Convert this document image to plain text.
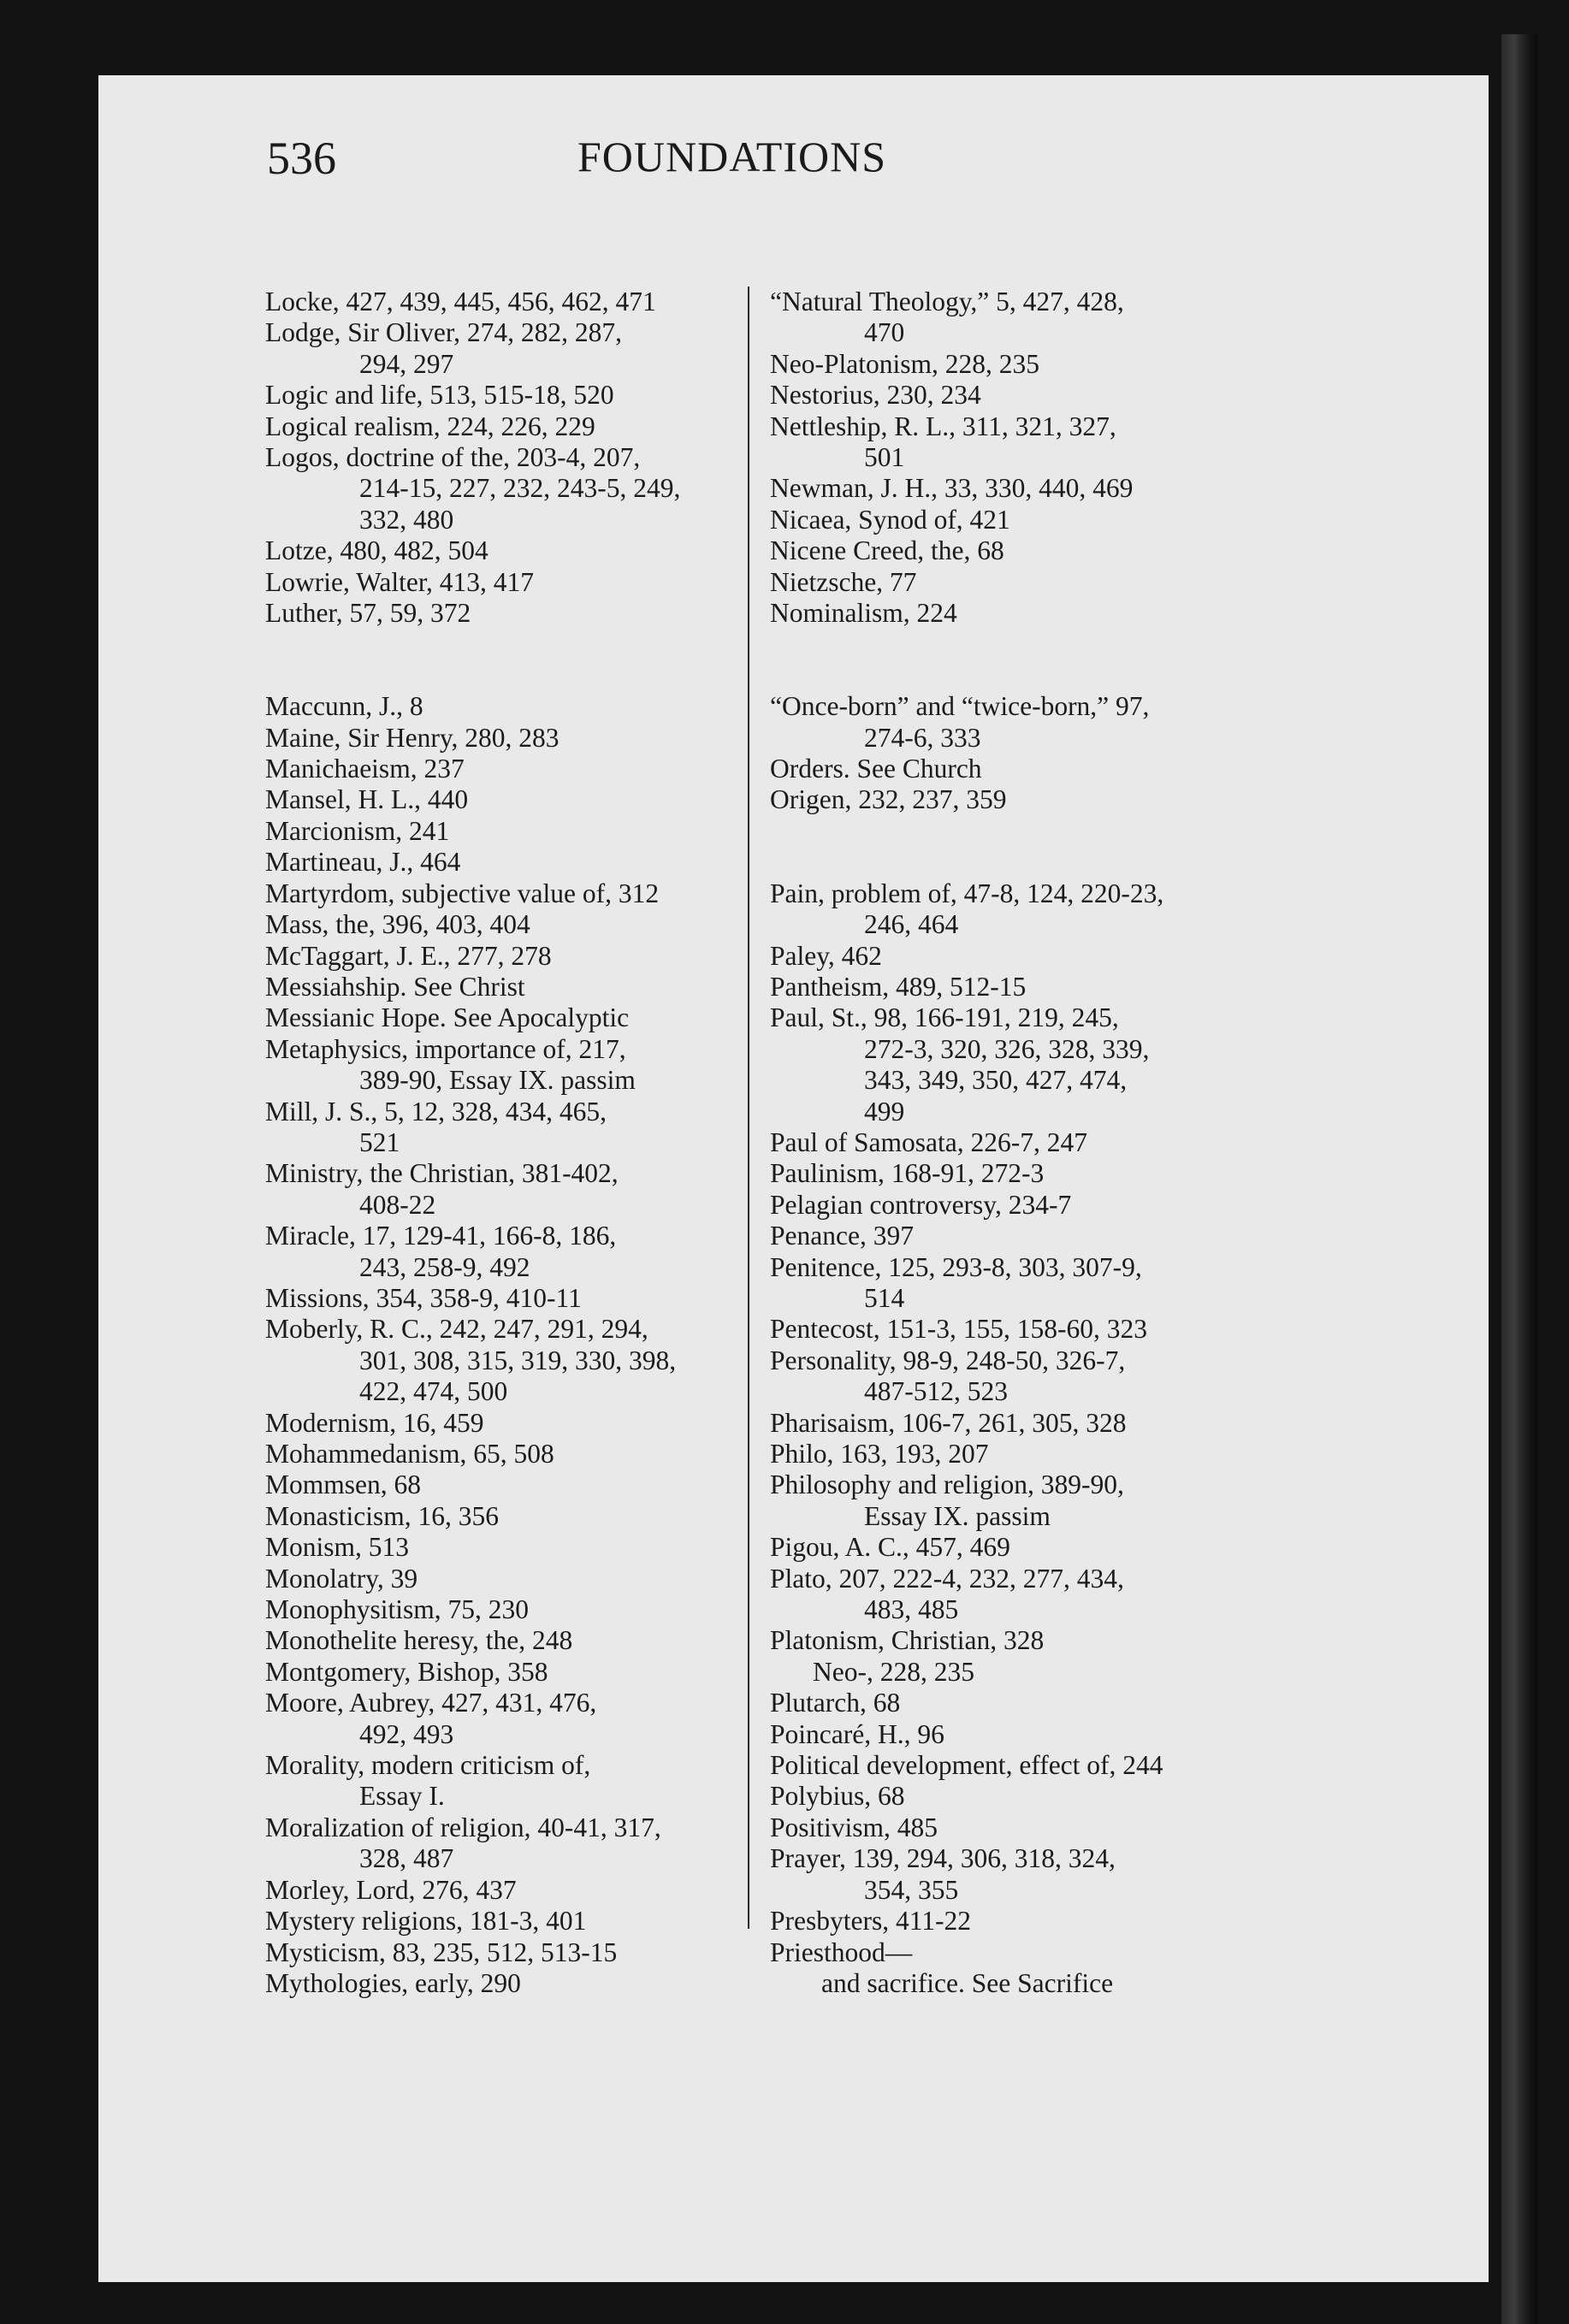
536	FOUNDATIONS

Locke, 427, 439, 445, 456, 462, 471

Lodge, Sir Oliver, 274, 282, 287,
294, 297

Logic and life, 513, 515-18, 520

Logical realism, 224, 226, 229

Logos, doctrine of the, 203-4, 207,
214-15, 227, 232, 243-5, 249,
332, 480

Lotze, 480, 482, 504

Lowrie, Walter, 413, 417

Luther, 57, 59, 372

Maccunn, J., 8

Maine, Sir Henry, 280, 283

Manichaeism, 237

Mansel, H. L., 440

Marcionism, 241

Martineau, J., 464

Martyrdom, subjective value of, 312

Mass, the, 396, 403, 404

McTaggart, J. E., 277, 278

Messiahship. See Christ

Messianic Hope. See Apocalyptic

Metaphysics, importance of, 217,
389-90, Essay IX. passim

Mill, J. S., 5, 12, 328, 434, 465,
521

Ministry, the Christian, 381-402,
408-22

Miracle, 17, 129-41, 166-8, 186,
243, 258-9, 492

Missions, 354, 358-9, 410-11

Moberly, R. C., 242, 247, 291, 294,
301, 308, 315, 319, 330, 398,
422, 474, 500

Modernism, 16, 459

Mohammedanism, 65, 508

Mommsen, 68

Monasticism, 16, 356

Monism, 513

Monolatry, 39

Monophysitism, 75, 230

Monothelite heresy, the, 248

Montgomery, Bishop, 358

Moore, Aubrey, 427, 431, 476,
492, 493

Morality, modern criticism of,
Essay I.

Moralization of religion, 40-41, 317,
328, 487

Morley, Lord, 276, 437

Mystery religions, 181-3, 401

Mysticism, 83, 235, 512, 513-15

Mythologies, early, 290

“Natural Theology,” 5, 427, 428,
470

Neo-Platonism, 228, 235

Nestorius, 230, 234

Nettleship, R. L., 311, 321, 327,
501

Newman, J. H., 33, 330, 440, 469

Nicaea, Synod of, 421

Nicene Creed, the, 68

Nietzsche, 77

Nominalism, 224

“Once-born” and “twice-born,” 97,
274-6, 333

Orders. See Church

Origen, 232, 237, 359

Pain, problem of, 47-8, 124, 220-23,
246, 464

Paley, 462

Pantheism, 489, 512-15

Paul, St., 98, 166-191, 219, 245,
272-3, 320, 326, 328, 339,
343, 349, 350, 427, 474,
499

Paul of Samosata, 226-7, 247

Paulinism, 168-91, 272-3

Pelagian controversy, 234-7

Penance, 397

Penitence, 125, 293-8, 303, 307-9,
514

Pentecost, 151-3, 155, 158-60, 323

Personality, 98-9, 248-50, 326-7,
487-512, 523

Pharisaism, 106-7, 261, 305, 328

Philo, 163, 193, 207

Philosophy and religion, 389-90,
Essay IX. passim

Pigou, A. C., 457, 469

Plato, 207, 222-4, 232, 277, 434,
483, 485

Platonism, Christian, 328

Neo-, 228, 235

Plutarch, 68

Poincaré, H., 96

Political development, effect of, 244

Polybius, 68

Positivism, 485

Prayer, 139, 294, 306, 318, 324,
354, 355

Presbyters, 411-22

Priesthood—

and sacrifice. See Sacrifice
